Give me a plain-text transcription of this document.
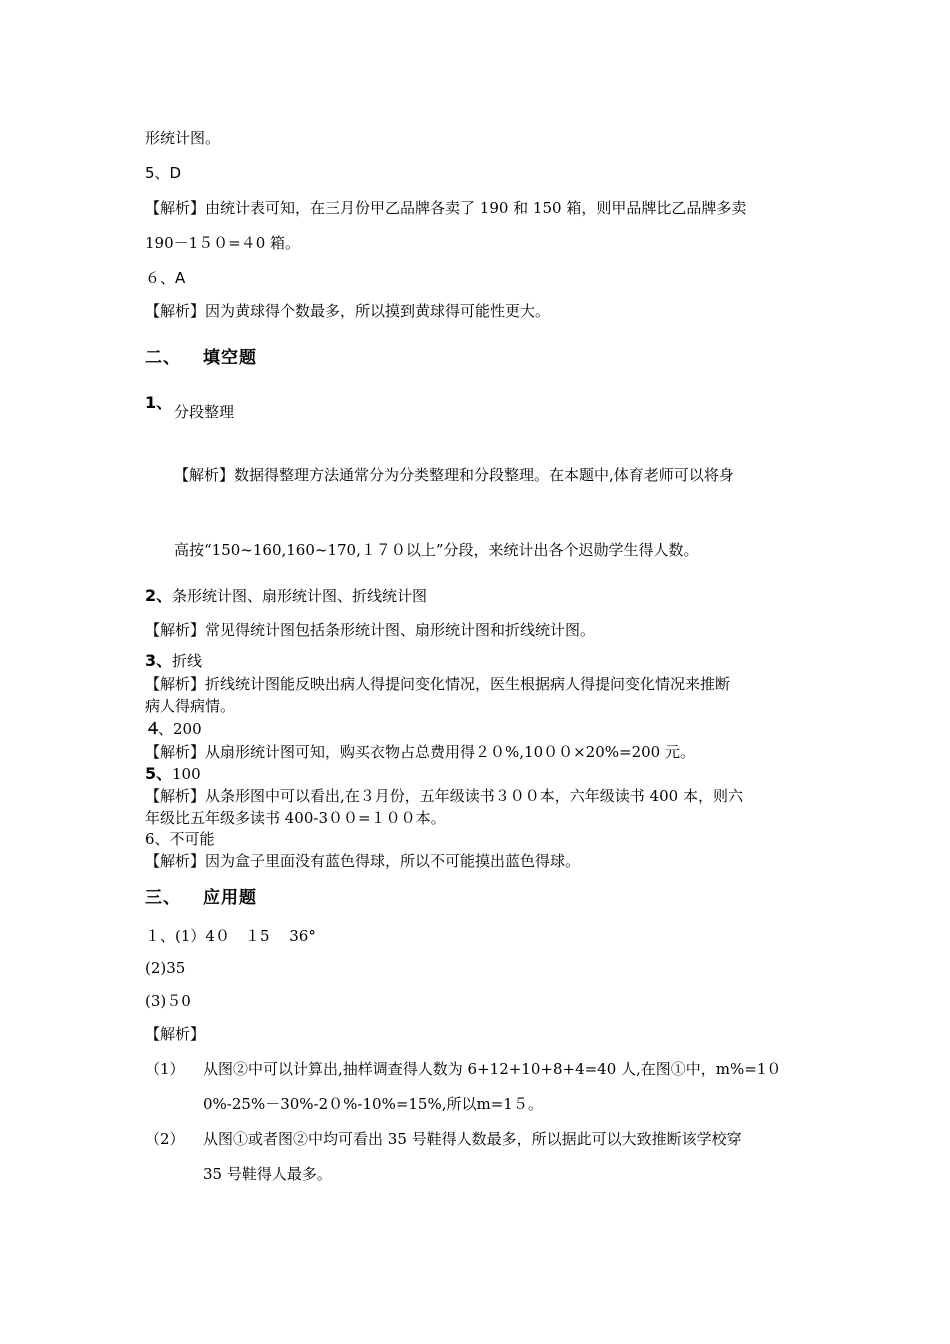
形统计图。
5、D
【解析】由统计表可知，在三月份甲乙品牌各卖了 190 和 150 箱，则甲品牌比乙品牌多卖
190－1５０=４0 箱。
６、A
【解析】因为黄球得个数最多，所以摸到黄球得可能性更大。
二、 填空题
1、 分段整理
【解析】数据得整理方法通常分为分类整理和分段整理。在本题中,体育老师可以将身
高按“150~160,160~170,１７０以上”分段，来统计出各个迟勋学生得人数。
2、 条形统计图、扇形统计图、折线统计图
【解析】常见得统计图包括条形统计图、扇形统计图和折线统计图。
3、 折线
【解析】折线统计图能反映出病人得提问变化情况，医生根据病人得提问变化情况来推断
病人得病情。
４
、200
【解析】从扇形统计图可知，购买衣物占总费用得２０%,10００×20%=200 元。
5、 100
【解析】从条形图中可以看出,在３月份，五年级读书３００本，六年级读书 400 本，则六
年级比五年级多读书 400-3００=１００本。
6、不可能
【解析】因为盒子里面没有蓝色得球，所以不可能摸出蓝色得球。
三、 应用题
１、(1）4０　１5　 36°
(2)35
(3)５0
【解析】
（1） 从图②中可以计算出,抽样调查得人数为 6+12+10+8+4=40 人,在图①中，m%=1０
0%-25%－30%-2０%-10%=15%,所以m=1５。
（2） 从图①或者图②中均可看出 35 号鞋得人数最多，所以据此可以大致推断该学校穿
35 号鞋得人最多。
